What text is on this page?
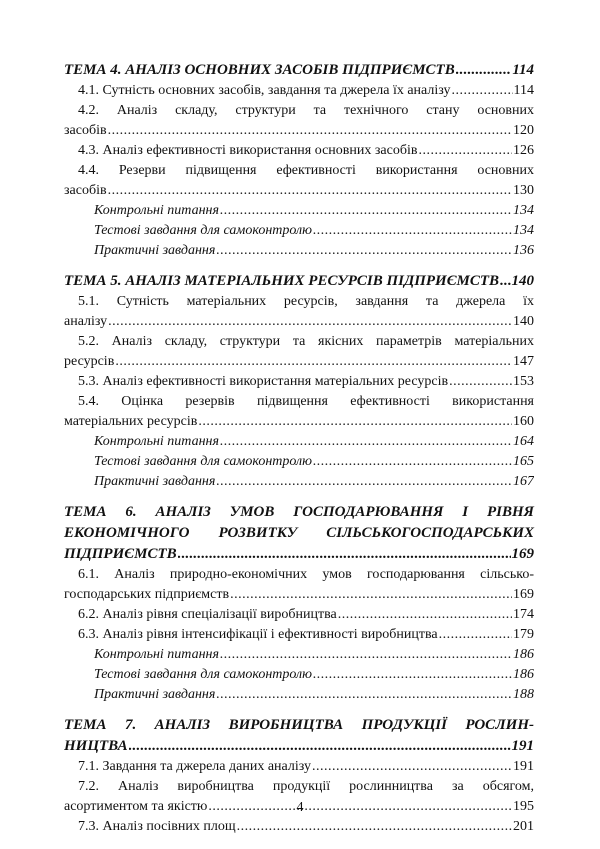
ТЕМА 4. АНАЛІЗ ОСНОВНИХ ЗАСОБІВ ПІДПРИЄМСТВ .....	114
4.1. Сутність основних засобів, завдання та джерела їх аналізу .....	114
4.2. Аналіз складу, структури та технічного стану основних
засобів .....	120
4.3. Аналіз ефективності використання основних засобів .....	126
4.4. Резерви підвищення ефективності використання основних
засобів .....	130
Контрольні питання .....	134
Тестові завдання для самоконтролю .....	134
Практичні завдання .....	136
ТЕМА 5. АНАЛІЗ МАТЕРІАЛЬНИХ РЕСУРСІВ ПІДПРИЄМСТВ ..... 140
5.1. Сутність матеріальних ресурсів, завдання та джерела їх
аналізу .....	140
5.2. Аналіз складу, структури та якісних параметрів матеріальних
ресурсів .....	147
5.3. Аналіз ефективності використання матеріальних ресурсів .....	153
5.4. Оцінка резервів підвищення ефективності використання
матеріальних ресурсів .....	160
Контрольні питання .....	164
Тестові завдання для самоконтролю .....	165
Практичні завдання .....	167
ТЕМА 6. АНАЛІЗ УМОВ ГОСПОДАРЮВАННЯ І РІВНЯ
ЕКОНОМІЧНОГО РОЗВИТКУ СІЛЬСЬКОГОСПОДАРСЬКИХ
ПІДПРИЄМСТВ .....	169
6.1. Аналіз природно-економічних умов господарювання сільсько-
господарських підприємств .....	169
6.2. Аналіз рівня спеціалізації виробництва .....	174
6.3. Аналіз рівня інтенсифікації і ефективності виробництва .....	179
Контрольні питання .....	186
Тестові завдання для самоконтролю .....	186
Практичні завдання .....	188
ТЕМА 7. АНАЛІЗ ВИРОБНИЦТВА ПРОДУКЦІЇ РОСЛИН-
НИЦТВА .....	191
7.1. Завдання та джерела даних аналізу .....	191
7.2. Аналіз виробництва продукції рослинництва за обсягом,
асортиментом та якістю .....	195
7.3. Аналіз посівних площ .....	201
4
